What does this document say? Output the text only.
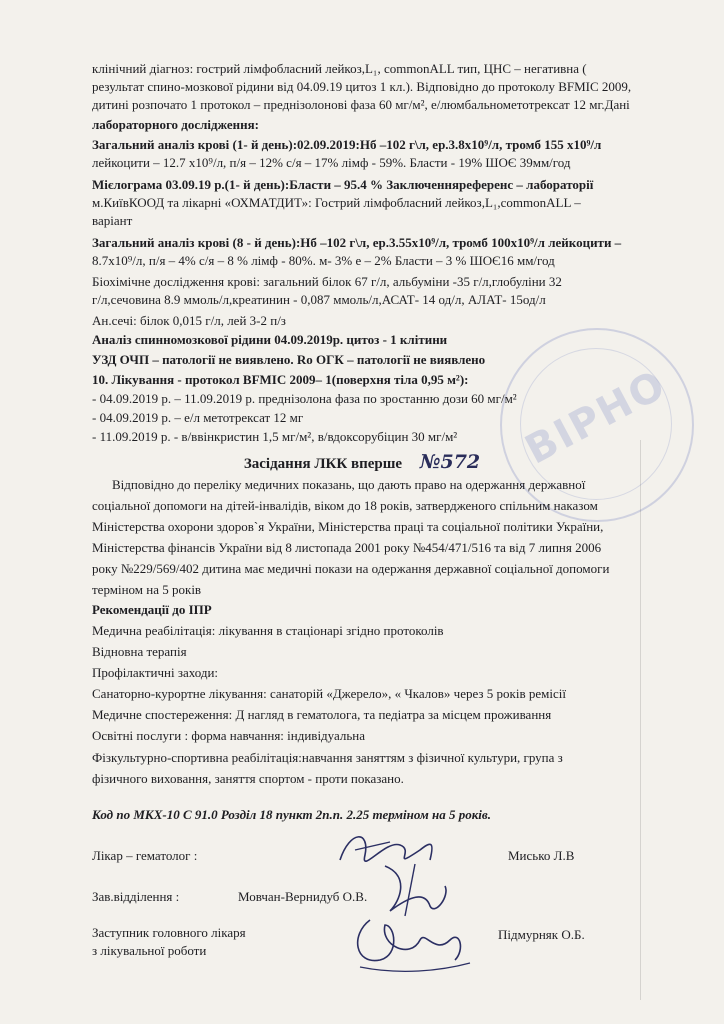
ВІРНО
клінічний діагноз: гострий лімфобласний лейкоз,L₁, commonALL тип, ЦНС – негативна (
результат спино-мозкової рідини від 04.09.19 цитоз 1 кл.). Відповідно до протоколу BFMIC 2009,
дитині розпочато 1 протокол – преднізолоновi фаза 60 мг/м², е/люмбальнометотрексат 12 мг.Дані
лабораторного дослідження:
Загальний аналіз крові (1- й день):02.09.2019:Нб –102 г\л, ер.3.8х10⁹/л, тромб 155 х10⁹/л
лейкоцити – 12.7 х10⁹/л, п/я – 12% с/я – 17% лімф - 59%. Бласти - 19% ШОЄ 39мм/год
Мієлограма 03.09.19 р.(1- й день):Бласти – 95.4 % Заключенняреференс – лабораторії
м.КиївКООД та лікарні «ОХМАТДИТ»: Гострий лімфобласний лейкоз,L₁,commonALL –
варіант
Загальний аналіз крові (8 - й день):Нб –102 г\л, ер.3.55х10⁹/л, тромб 100х10⁹/л лейкоцити –
8.7х10⁹/л, п/я – 4% с/я – 8 % лімф - 80%. м- 3% е – 2% Бласти – 3 % ШОЄ16 мм/год
Біохімічне дослідження крові: загальний білок 67 г/л, альбуміни -35 г/л,глобуліни 32
г/л,сечовина 8.9 ммоль/л,креатинин - 0,087 ммоль/л,АСАТ- 14 од/л, АЛАТ- 15од/л
Ан.сечі: білок 0,015 г/л, лей 3-2 п/з
Аналіз спинномозкової рідини 04.09.2019р. цитоз - 1 клітини
УЗД ОЧП – патології не виявлено. Ro ОГК – патології не виявлено
10. Лікування - протокол BFMIC 2009– 1(поверхня тіла 0,95 м²):
- 04.09.2019 р. – 11.09.2019 р. преднізолона фаза по зростанню дози 60 мг/м²
- 04.09.2019 р. – е/л метотрексат 12 мг
- 11.09.2019 р. - в/ввінкристин 1,5 мг/м², в/вдоксорубіцин 30 мг/м²
Засідання ЛКК вперше №572
Відповідно до переліку медичних показань, що дають право на одержання державної
соціальної допомоги на дітей-інвалідів, віком до 18 років, затвердженого спільним наказом
Міністерства охорони здоров`я України, Міністерства праці та соціальної політики України,
Міністерства фінансів України від 8 листопада 2001 року №454/471/516 та від 7 липня 2006
року №229/569/402 дитина має медичні покази на одержання державної соціальної допомоги
терміном на 5 років
Рекомендації до ІПР
Медична реабілітація: лікування в стаціонарі згідно протоколів
Відновна терапія
Профілактичні заходи:
Санаторно-курортне лікування: санаторій «Джерело», « Чкалов» через 5 років ремісії
Медичне спостереження: Д нагляд в гематолога, та педіатра за місцем проживання
Освітні послуги : форма навчання: індивідуальна
Фізкультурно-спортивна реабілітація:навчання заняттям з фізичної культури, група з
фізичного виховання, заняття спортом - проти показано.
Код по МКХ-10 С 91.0 Розділ 18 пункт 2п.п. 2.25 терміном на 5 років.
Лікар – гематолог :	Мисько Л.В
Зав.відділення :	Мовчан-Вернидуб О.В.
Заступник головного лікаря
з лікувальної роботи
Підмурняк О.Б.
